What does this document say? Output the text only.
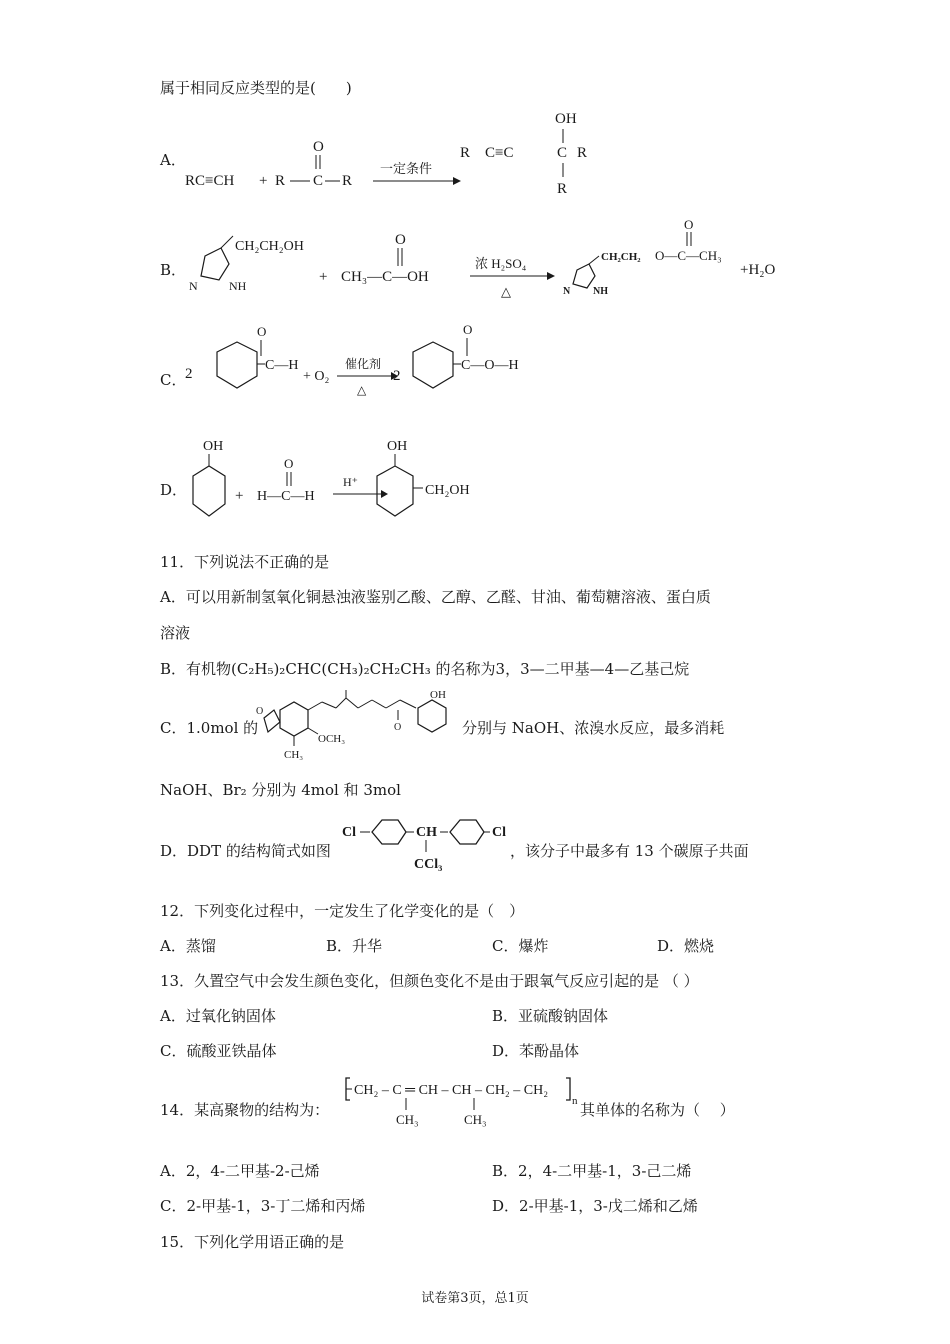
属于相同反应类型的是(　　)
A．
RC≡CH + R C R
O
一定条件
OH
R C≡C	C R
R
B．
CH₂CH₂OH
NH
N
+ CH₃—C—OH
O
浓 H₂SO₄
△
CH₂CH₂ O—C—CH₃
O
NH
N
+H₂O
C．
2
C—H
O
+ O₂
催化剂
△
2
C—O—H
O
D．
OH
+ H—C—H
O
H⁺
OH
CH₂OH
11．下列说法不正确的是
A．可以用新制氢氧化铜悬浊液鉴别乙酸、乙醇、乙醛、甘油、葡萄糖溶液、蛋白质
溶液
B．有机物(C₂H₅)₂CHC(CH₃)₂CH₂CH₃ 的名称为3，3—二甲基—4—乙基己烷
C．1.0mol 的
O
O
OH
OCH₃
CH₃
分别与 NaOH、浓溴水反应，最多消耗
NaOH、Br₂ 分别为 4mol 和 3mol
D．DDT 的结构简式如图
Cl	CH	Cl
CCl₃
，该分子中最多有 13 个碳原子共面
12．下列变化过程中，一定发生了化学变化的是（　）
A．蒸馏	B．升华	C．爆炸	D．燃烧
13．久置空气中会发生颜色变化，但颜色变化不是由于跟氧气反应引起的是 （ ）
A．过氧化钠固体	B．亚硫酸钠固体
C．硫酸亚铁晶体	D．苯酚晶体
14．某高聚物的结构为：
CH₂ – C ═ CH – CH – CH₂ – CH₂
n
CH₃	CH₃
其单体的名称为（　 ）
A．2，4-二甲基-2-己烯	B．2，4-二甲基-1，3-己二烯
C．2-甲基-1，3-丁二烯和丙烯	D．2-甲基-1，3-戊二烯和乙烯
15．下列化学用语正确的是
试卷第3页，总1页
